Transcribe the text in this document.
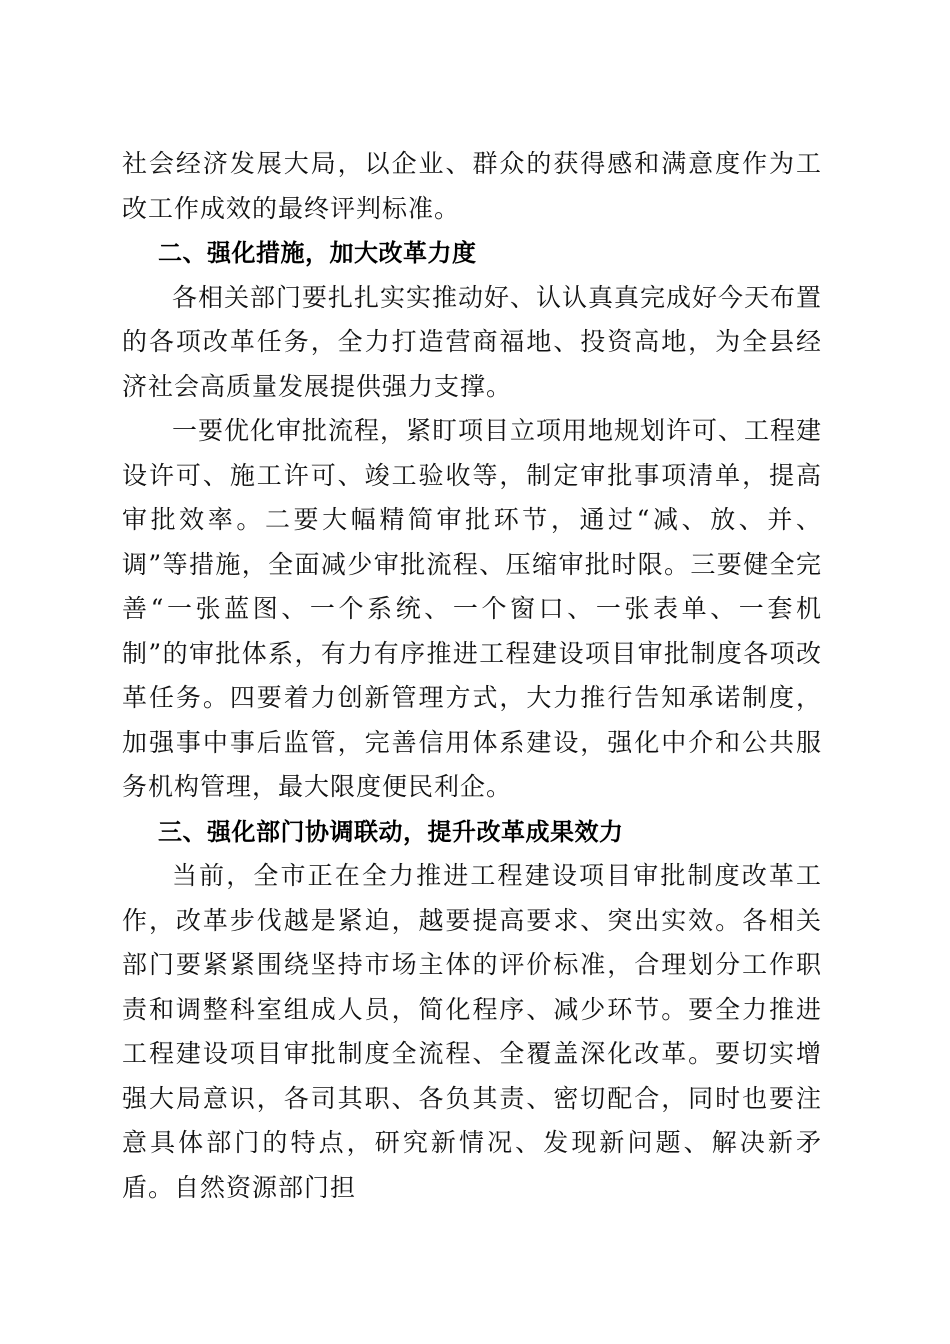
社会经济发展大局，以企业、群众的获得感和满意度作为工改工作成效的最终评判标准。

二、强化措施，加大改革力度

各相关部门要扎扎实实推动好、认认真真完成好今天布置的各项改革任务，全力打造营商福地、投资高地，为全县经济社会高质量发展提供强力支撑。

一要优化审批流程，紧盯项目立项用地规划许可、工程建设许可、施工许可、竣工验收等，制定审批事项清单，提高审批效率。二要大幅精简审批环节，通过“减、放、并、调”等措施，全面减少审批流程、压缩审批时限。三要健全完善“一张蓝图、一个系统、一个窗口、一张表单、一套机制”的审批体系，有力有序推进工程建设项目审批制度各项改革任务。四要着力创新管理方式，大力推行告知承诺制度，加强事中事后监管，完善信用体系建设，强化中介和公共服务机构管理，最大限度便民利企。

三、强化部门协调联动，提升改革成果效力

当前，全市正在全力推进工程建设项目审批制度改革工作，改革步伐越是紧迫，越要提高要求、突出实效。各相关部门要紧紧围绕坚持市场主体的评价标准，合理划分工作职责和调整科室组成人员，简化程序、减少环节。要全力推进工程建设项目审批制度全流程、全覆盖深化改革。要切实增强大局意识，各司其职、各负其责、密切配合，同时也要注意具体部门的特点，研究新情况、发现新问题、解决新矛盾。自然资源部门担
